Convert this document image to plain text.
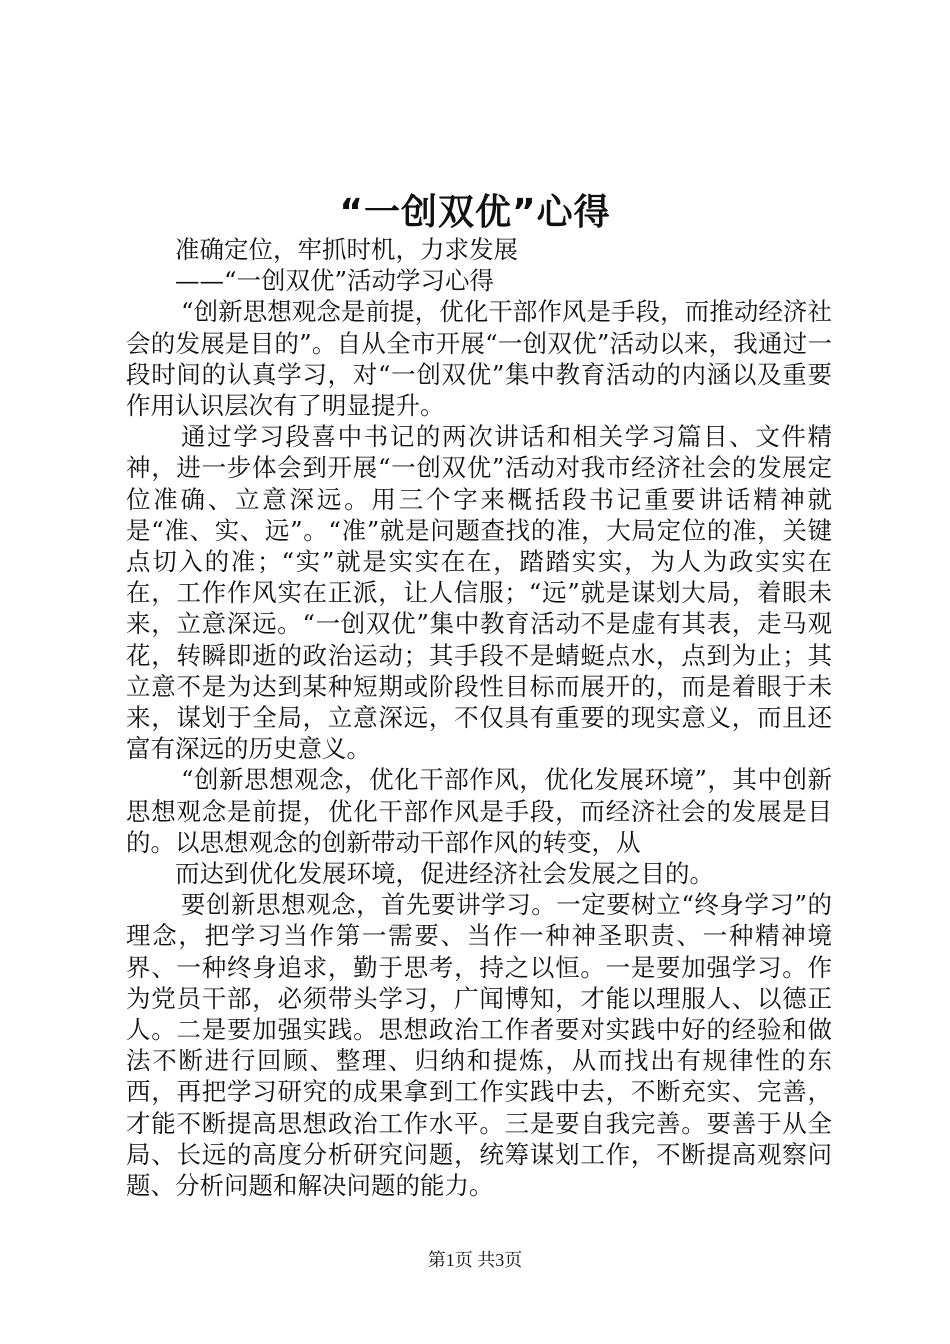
“一创双优”心得

准确定位，牢抓时机，力求发展

——“一创双优”活动学习心得

“创新思想观念是前提，优化干部作风是手段，而推动经济社会的发展是目的”。自从全市开展“一创双优”活动以来，我通过一段时间的认真学习，对“一创双优”集中教育活动的内涵以及重要作用认识层次有了明显提升。

通过学习段喜中书记的两次讲话和相关学习篇目、文件精神，进一步体会到开展“一创双优”活动对我市经济社会的发展定位准确、立意深远。用三个字来概括段书记重要讲话精神就是“准、实、远”。“准”就是问题查找的准，大局定位的准，关键点切入的准；“实”就是实实在在，踏踏实实，为人为政实实在在，工作作风实在正派，让人信服；“远”就是谋划大局，着眼未来，立意深远。“一创双优”集中教育活动不是虚有其表，走马观花，转瞬即逝的政治运动；其手段不是蜻蜓点水，点到为止；其立意不是为达到某种短期或阶段性目标而展开的，而是着眼于未来，谋划于全局，立意深远，不仅具有重要的现实意义，而且还富有深远的历史意义。

“创新思想观念，优化干部作风，优化发展环境”，其中创新思想观念是前提，优化干部作风是手段，而经济社会的发展是目的。以思想观念的创新带动干部作风的转变，从

而达到优化发展环境，促进经济社会发展之目的。

要创新思想观念，首先要讲学习。一定要树立“终身学习”的理念，把学习当作第一需要、当作一种神圣职责、一种精神境界、一种终身追求，勤于思考，持之以恒。一是要加强学习。作为党员干部，必须带头学习，广闻博知，才能以理服人、以德正人。二是要加强实践。思想政治工作者要对实践中好的经验和做法不断进行回顾、整理、归纳和提炼，从而找出有规律性的东西，再把学习研究的成果拿到工作实践中去，不断充实、完善，才能不断提高思想政治工作水平。三是要自我完善。要善于从全局、长远的高度分析研究问题，统筹谋划工作，不断提高观察问题、分析问题和解决问题的能力。

第1页 共3页
